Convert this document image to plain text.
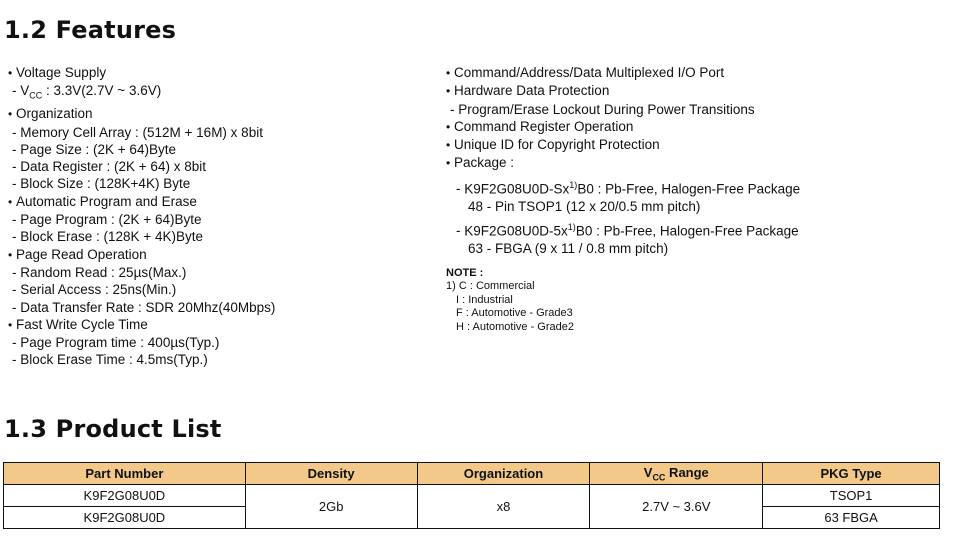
1.2 Features
• Voltage Supply
- $V_{CC}$ : 3.3V(2.7V ~ 3.6V)
• Organization
- Memory Cell Array : (512M + 16M) x 8bit
- Page Size : (2K + 64)Byte
- Data Register : (2K + 64) x 8bit
- Block Size : (128K+4K) Byte
• Automatic Program and Erase
- Page Program : (2K + 64)Byte
- Block Erase : (128K + 4K)Byte
• Page Read Operation
- Random Read : 25µs(Max.)
- Serial Access : 25ns(Min.)
- Data Transfer Rate : SDR 20Mhz(40Mbps)
• Fast Write Cycle Time
- Page Program time : 400µs(Typ.)
- Block Erase Time : 4.5ms(Typ.)
• Command/Address/Data Multiplexed I/O Port
• Hardware Data Protection
- Program/Erase Lockout During Power Transitions
• Command Register Operation
• Unique ID for Copyright Protection
• Package :
- K9F2G08U0D-Sx$^{1)}$B0 : Pb-Free, Halogen-Free Package
48 - Pin TSOP1 (12 x 20/0.5 mm pitch)
- $K9F2G08U0D-5x^{1)}B0$ : Pb-Free, Halogen-Free Package
63 - FBGA (9 x 11 / 0.8 mm pitch)
NOTE :
1) C : Commercial
I : Industrial
F : Automotive - Grade3
H : Automotive - Grade2
1.3 Product List
Part Number	Density	Organization	$V_{CC}$ Range	PKG Type
K9F2G08U0D	2Gb	x8	2.7V ~ 3.6V	TSOP1
K9F2G08U0D				63 FBGA
